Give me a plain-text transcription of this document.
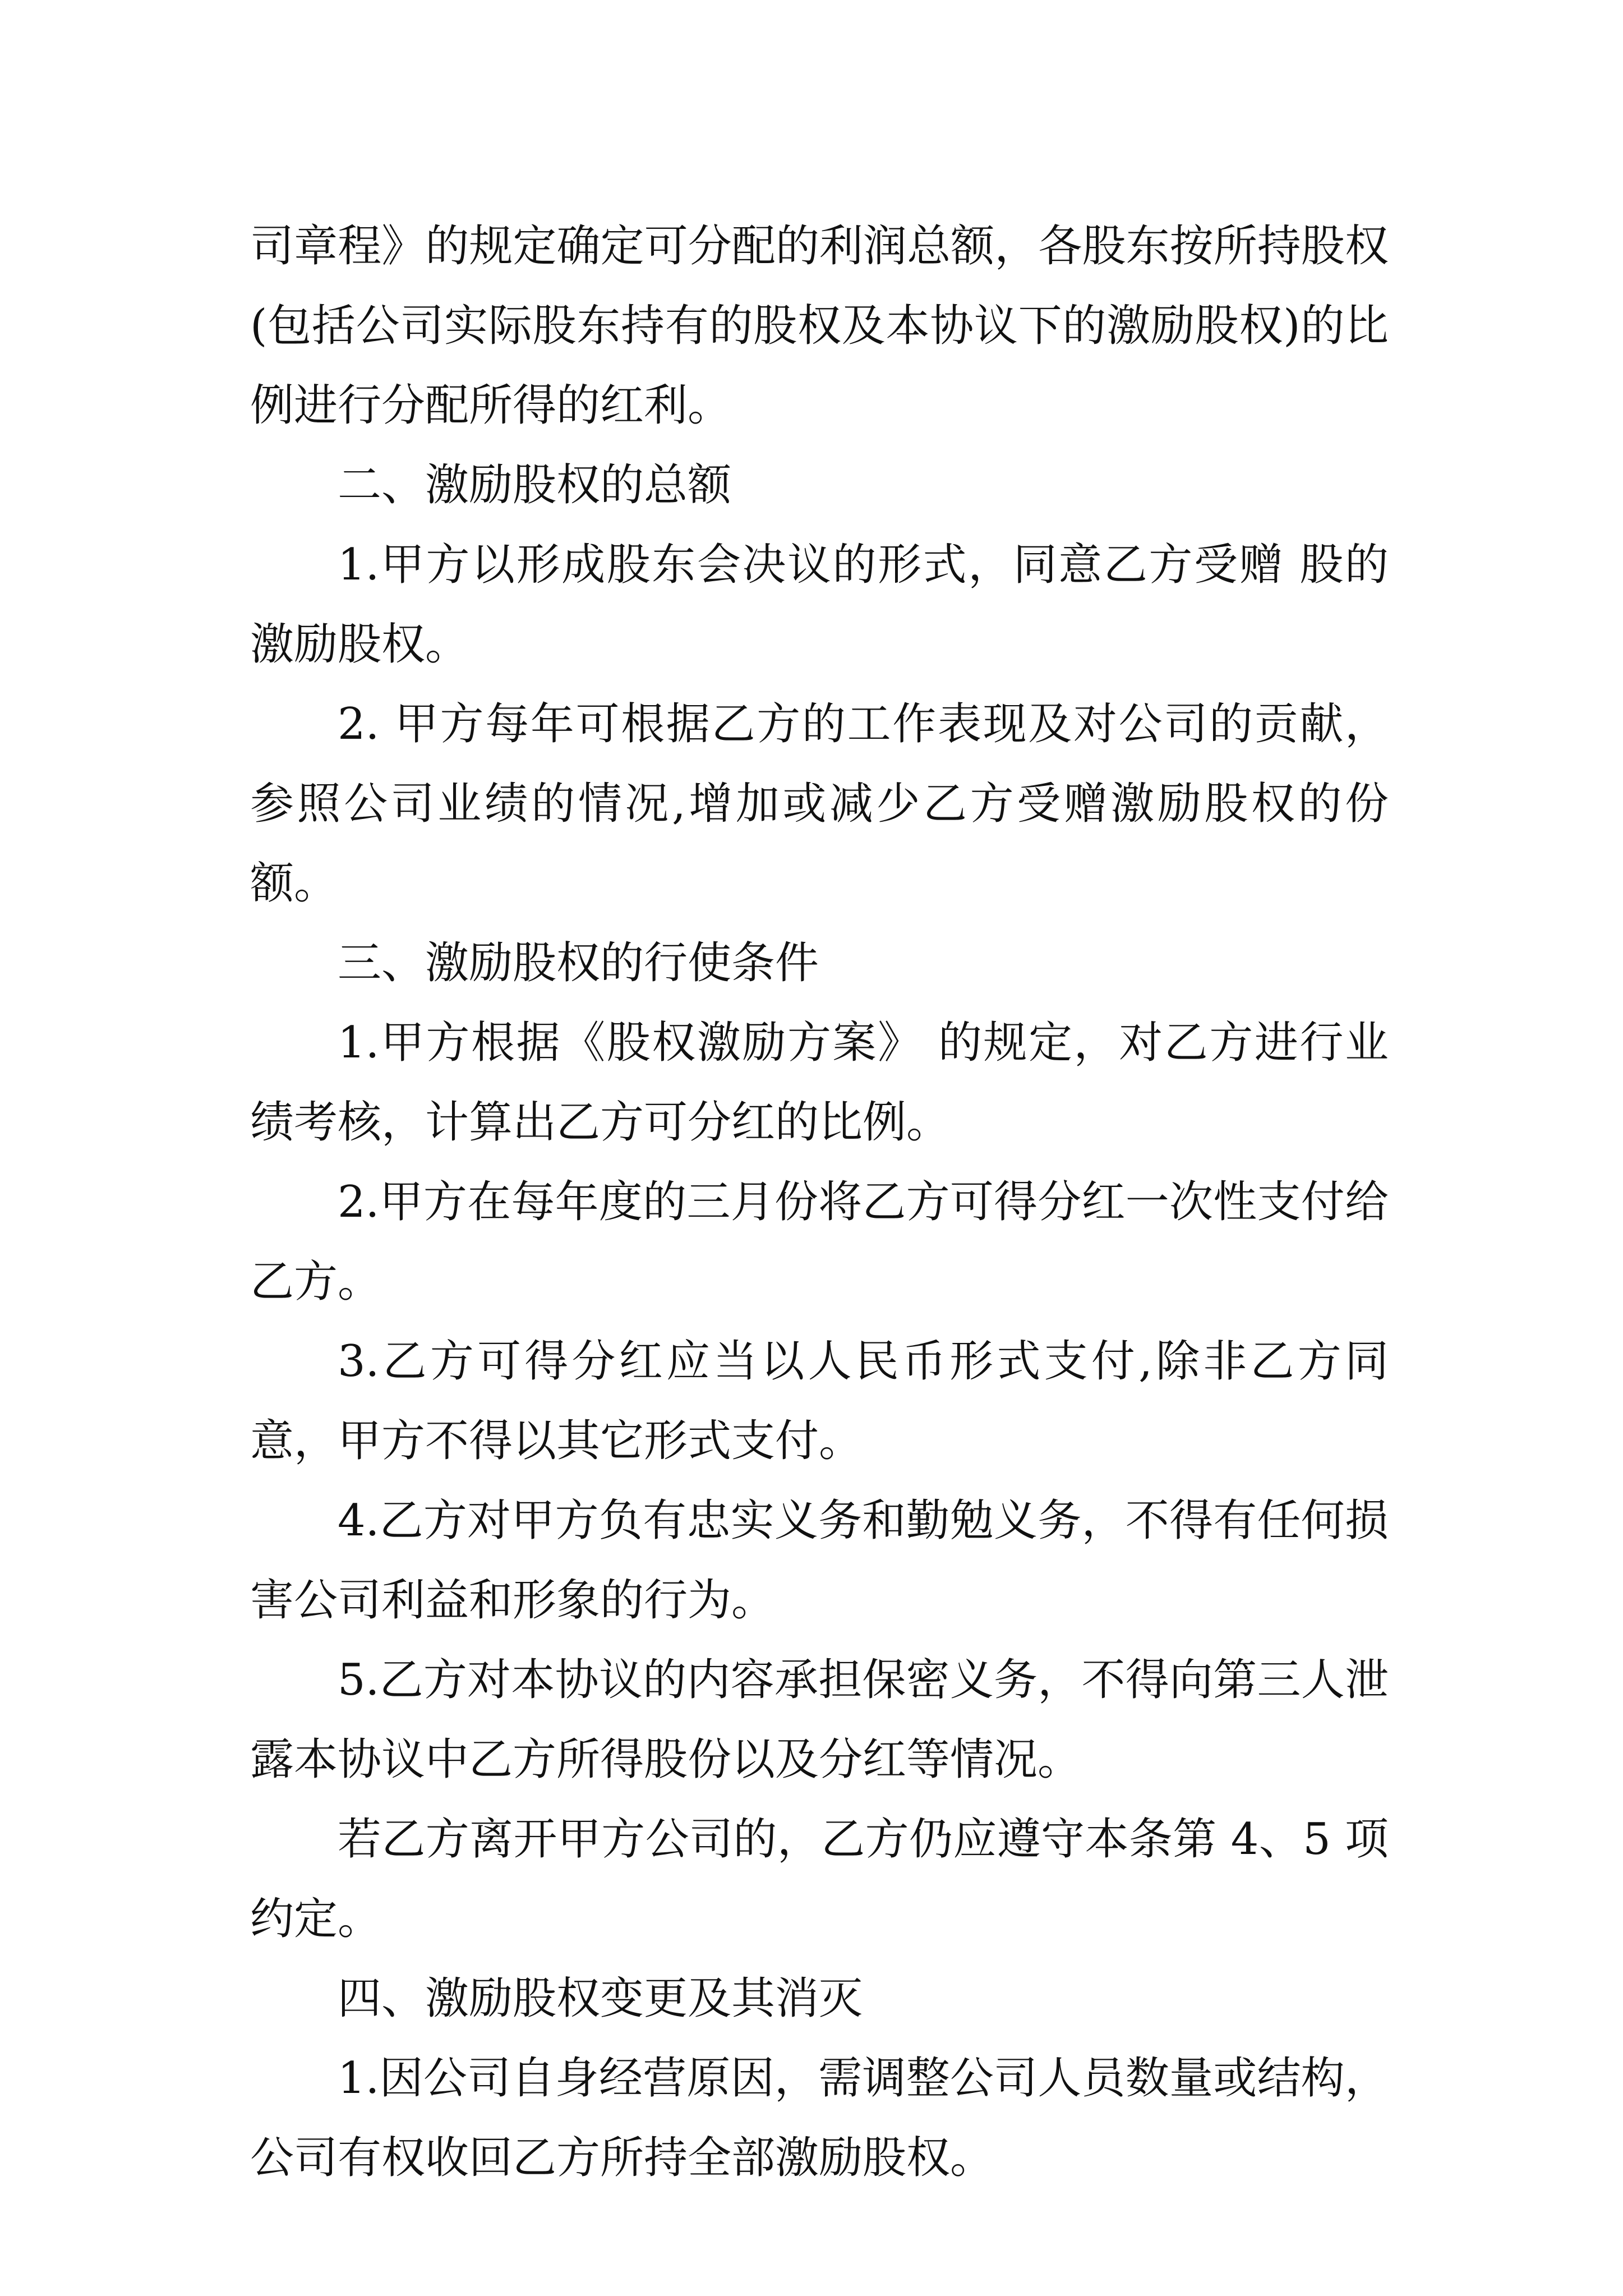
司章程》的规定确定可分配的利润总额，各股东按所持股权(包括公司实际股东持有的股权及本协议下的激励股权)的比例进行分配所得的红利。

二、激励股权的总额

1.甲方以形成股东会决议的形式，同意乙方受赠 股的激励股权。

2. 甲方每年可根据乙方的工作表现及对公司的贡献，参照公司业绩的情况,增加或减少乙方受赠激励股权的份额。

三、激励股权的行使条件

1.甲方根据《股权激励方案》 的规定，对乙方进行业绩考核，计算出乙方可分红的比例。

2.甲方在每年度的三月份将乙方可得分红一次性支付给乙方。

3.乙方可得分红应当以人民币形式支付,除非乙方同意，甲方不得以其它形式支付。

4.乙方对甲方负有忠实义务和勤勉义务，不得有任何损害公司利益和形象的行为。

5.乙方对本协议的内容承担保密义务，不得向第三人泄露本协议中乙方所得股份以及分红等情况。

若乙方离开甲方公司的，乙方仍应遵守本条第 4、5 项约定。

四、激励股权变更及其消灭

1.因公司自身经营原因，需调整公司人员数量或结构，公司有权收回乙方所持全部激励股权。
